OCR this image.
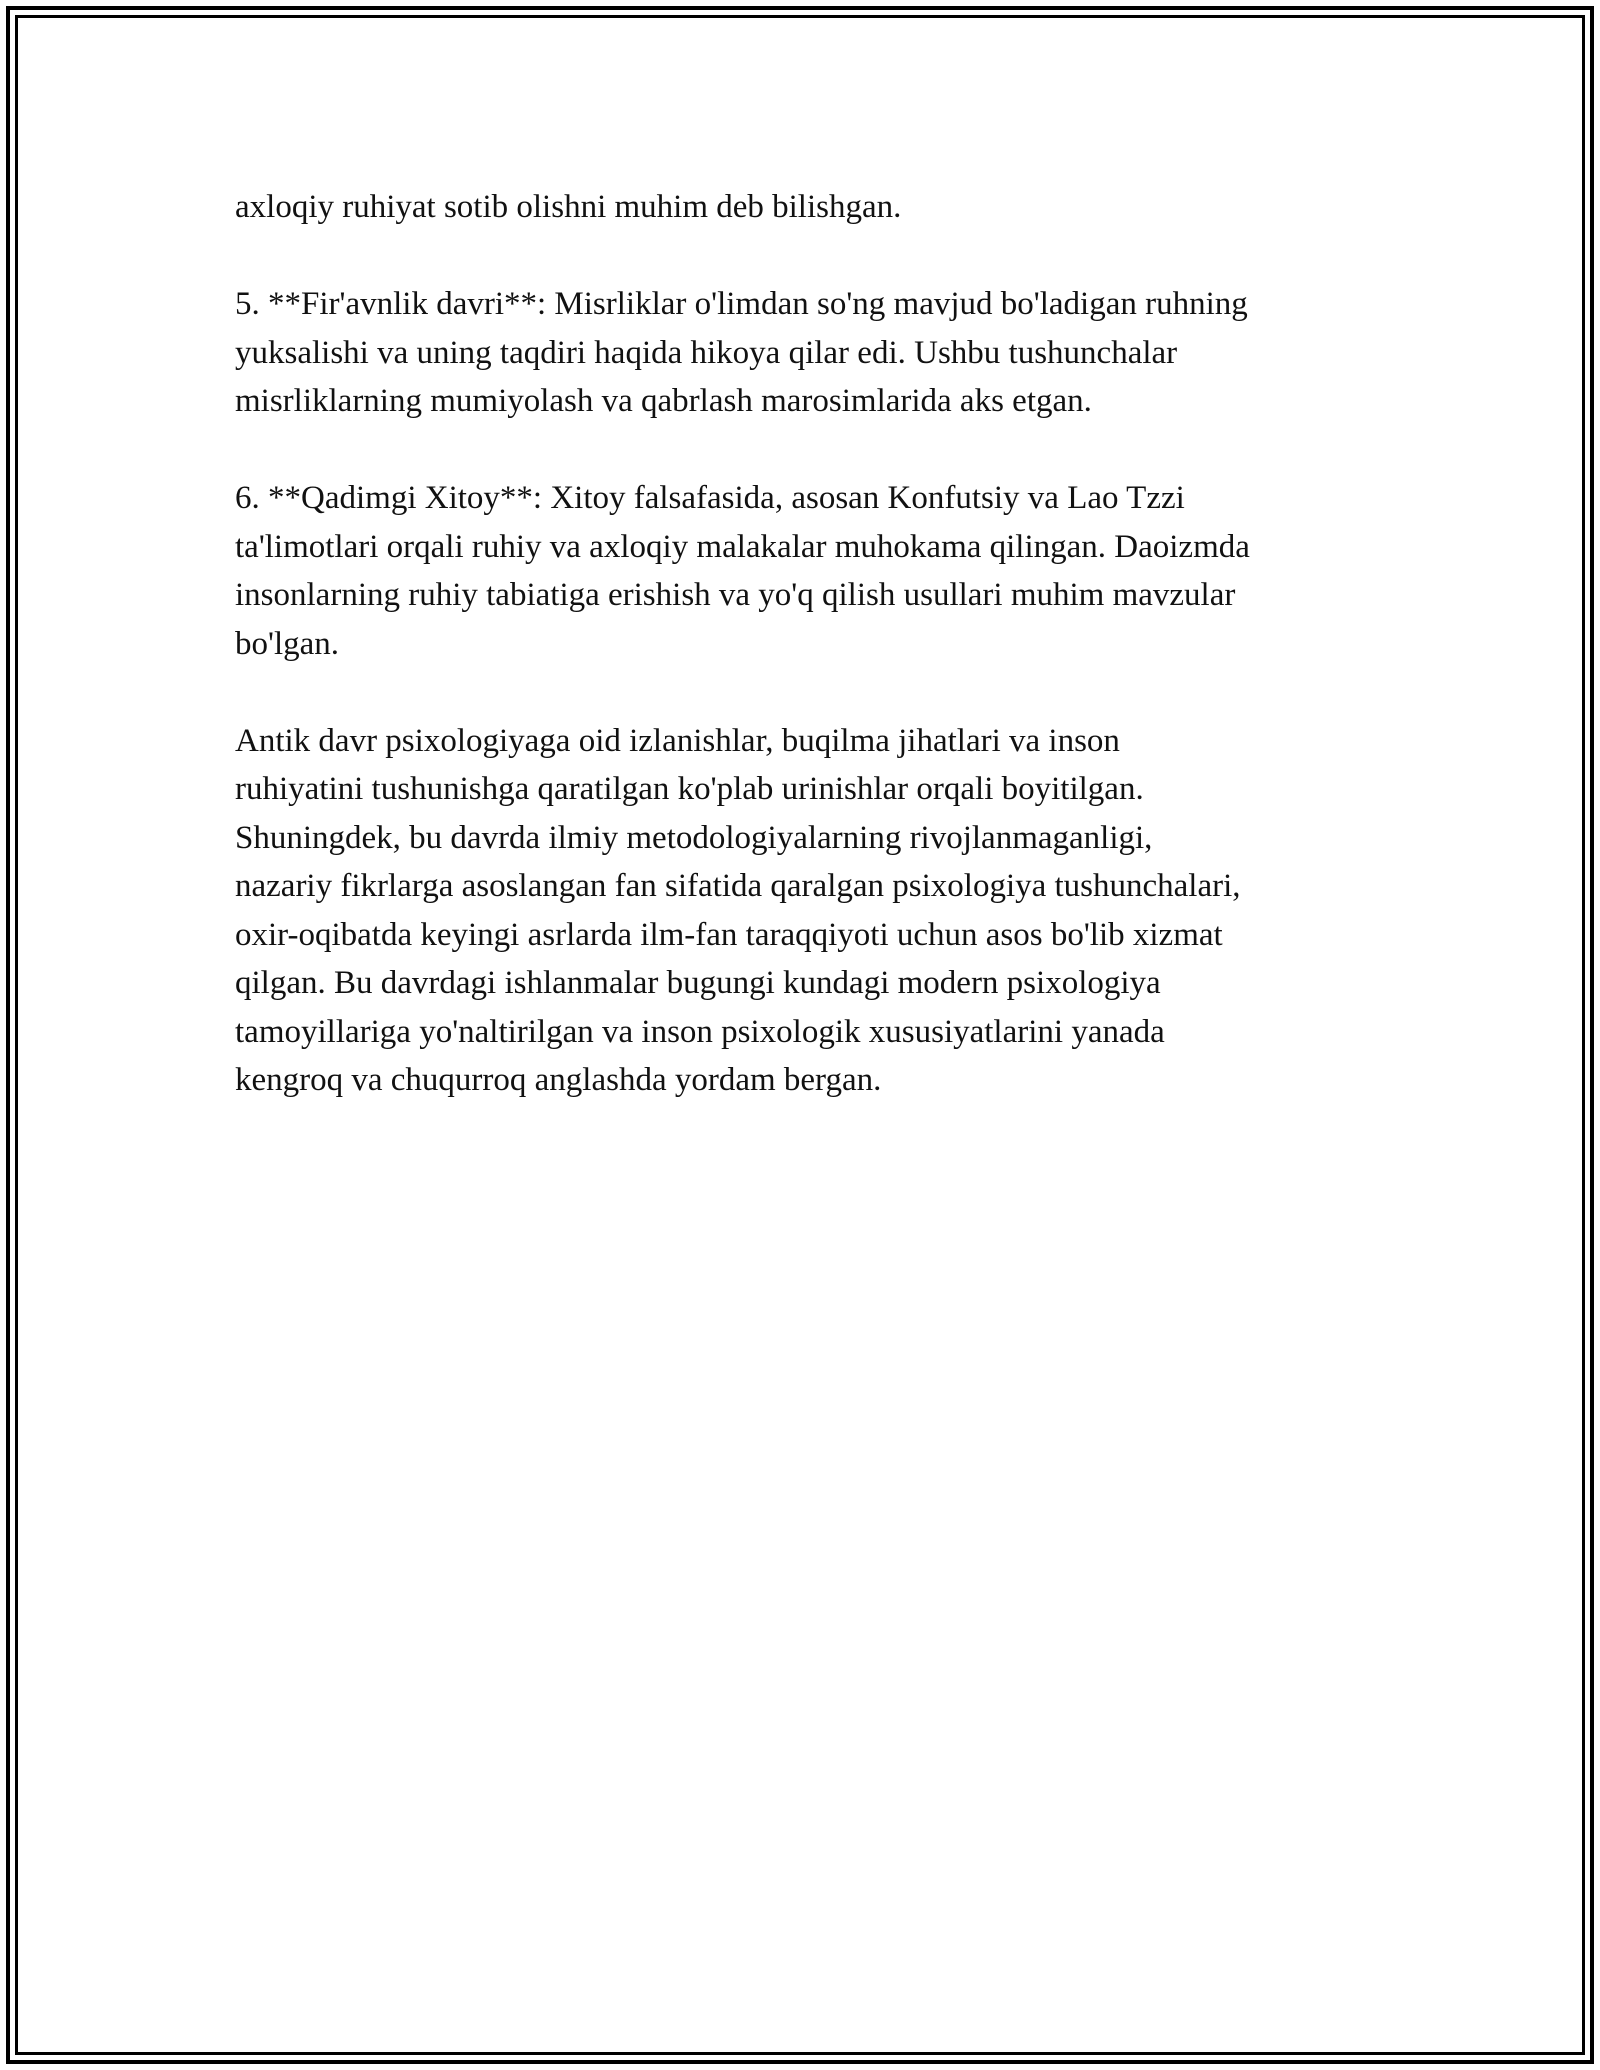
axloqiy ruhiyat sotib olishni muhim deb bilishgan.

5. **Fir'avnlik davri**: Misrliklar o'limdan so'ng mavjud bo'ladigan ruhning
yuksalishi va uning taqdiri haqida hikoya qilar edi. Ushbu tushunchalar
misrliklarning mumiyolash va qabrlash marosimlarida aks etgan.

6. **Qadimgi Xitoy**: Xitoy falsafasida, asosan Konfutsiy va Lao Tzzi
ta'limotlari orqali ruhiy va axloqiy malakalar muhokama qilingan. Daoizmda
insonlarning ruhiy tabiatiga erishish va yo'q qilish usullari muhim mavzular
bo'lgan.

Antik davr psixologiyaga oid izlanishlar, buqilma jihatlari va inson
ruhiyatini tushunishga qaratilgan ko'plab urinishlar orqali boyitilgan.
Shuningdek, bu davrda ilmiy metodologiyalarning rivojlanmaganligi,
nazariy fikrlarga asoslangan fan sifatida qaralgan psixologiya tushunchalari,
oxir-oqibatda keyingi asrlarda ilm-fan taraqqiyoti uchun asos bo'lib xizmat
qilgan. Bu davrdagi ishlanmalar bugungi kundagi modern psixologiya
tamoyillariga yo'naltirilgan va inson psixologik xususiyatlarini yanada
kengroq va chuqurroq anglashda yordam bergan.
